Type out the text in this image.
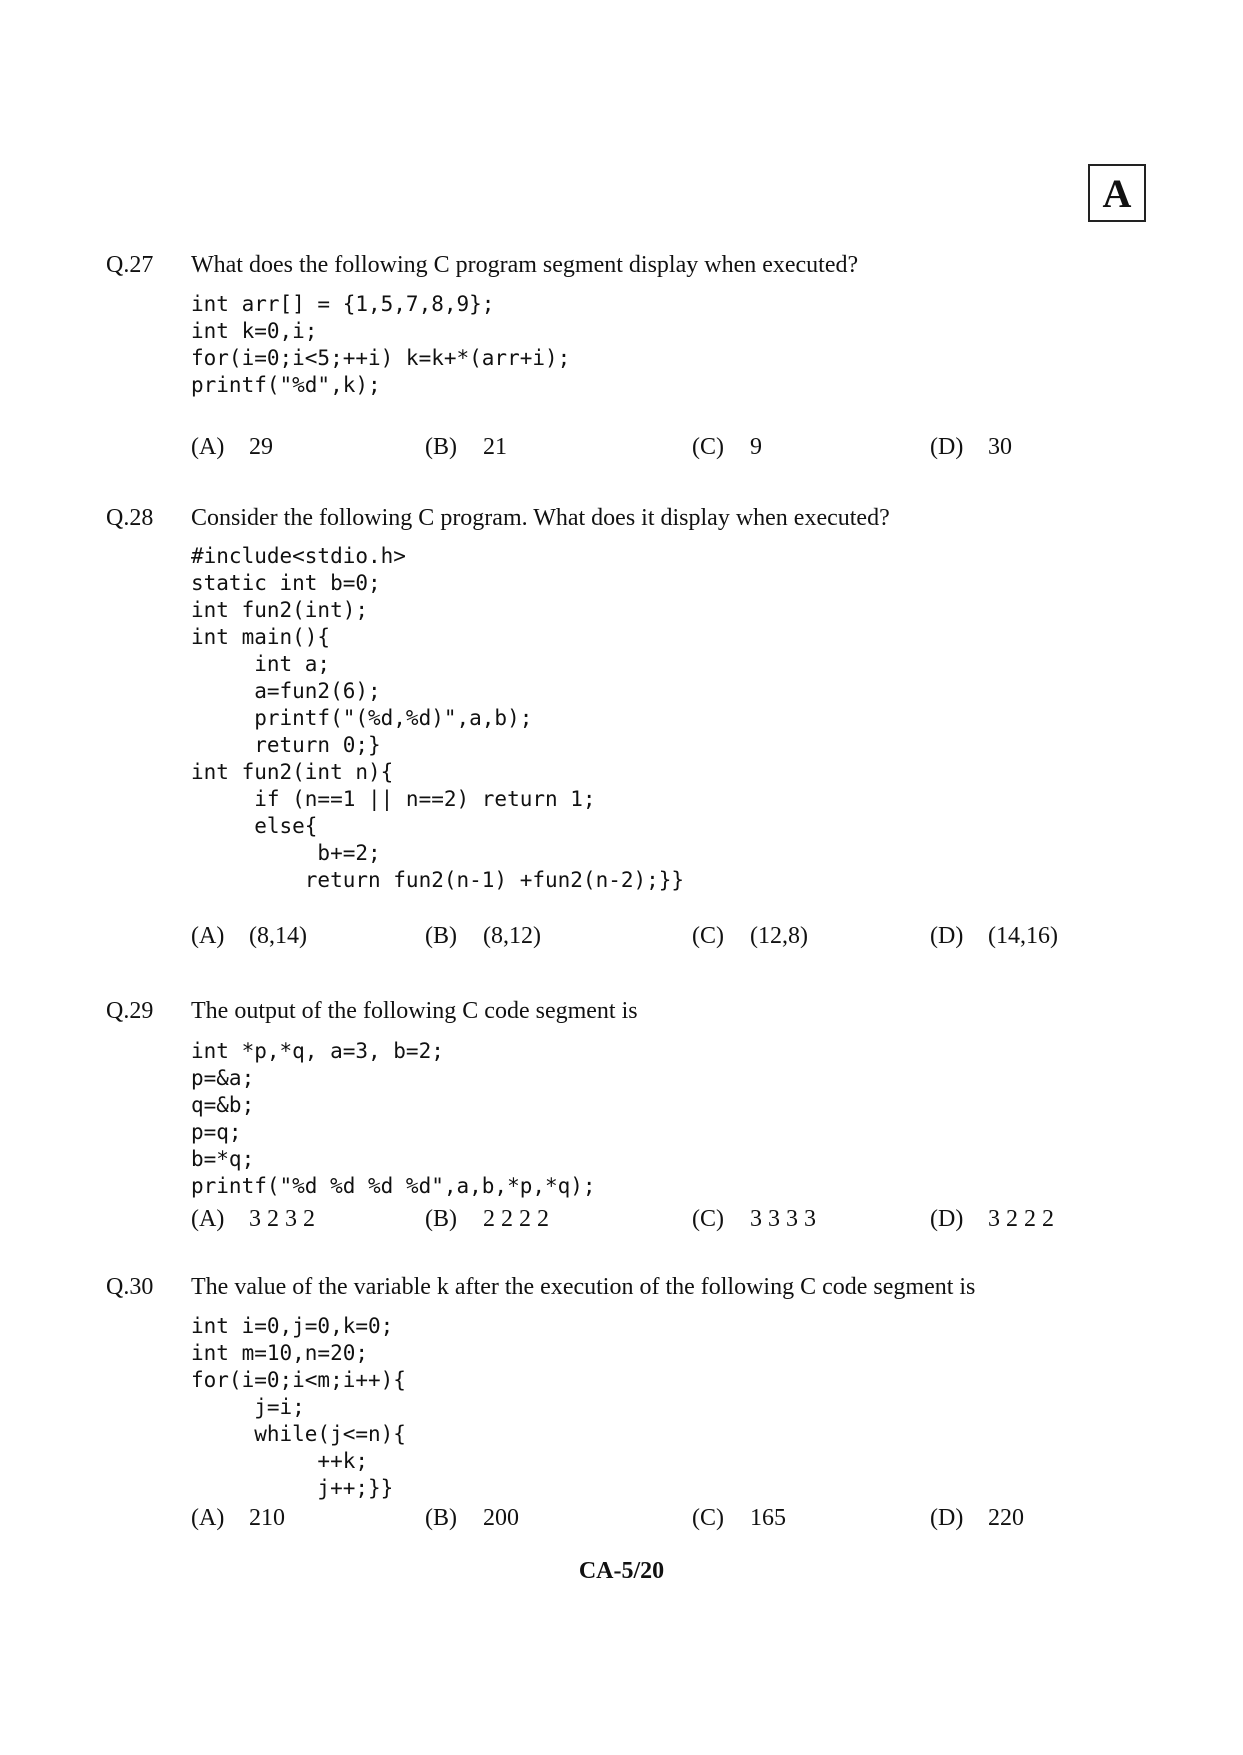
A
Q.27 What does the following C program segment display when executed?
int arr[] = {1,5,7,8,9};
int k=0,i;
for(i=0;i<5;++i) k=k+*(arr+i);
printf("%d",k);
(A) 29	(B) 21	(C) 9	(D) 30
Q.28 Consider the following C program. What does it display when executed?
#include<stdio.h>
static int b=0;
int fun2(int);
int main(){
int a;
a=fun2(6);
printf("(%d,%d)",a,b);
return 0;}
int fun2(int n){
if (n==1 || n==2) return 1;
else{
b+=2;
return fun2(n-1) +fun2(n-2);}}
(A) (8,14)	(B) (8,12)	(C) (12,8)	(D) (14,16)
Q.29 The output of the following C code segment is
int *p,*q, a=3, b=2;
p=&a;
q=&b;
p=q;
b=*q;
printf("%d %d %d %d",a,b,*p,*q);
(A) 3 2 3 2	(B) 2 2 2 2	(C) 3 3 3 3	(D) 3 2 2 2
Q.30 The value of the variable k after the execution of the following C code segment is
int i=0,j=0,k=0;
int m=10,n=20;
for(i=0;i<m;i++){
j=i;
while(j<=n){
++k;
j++;}}
(A) 210	(B) 200	(C) 165	(D) 220
CA-5/20
